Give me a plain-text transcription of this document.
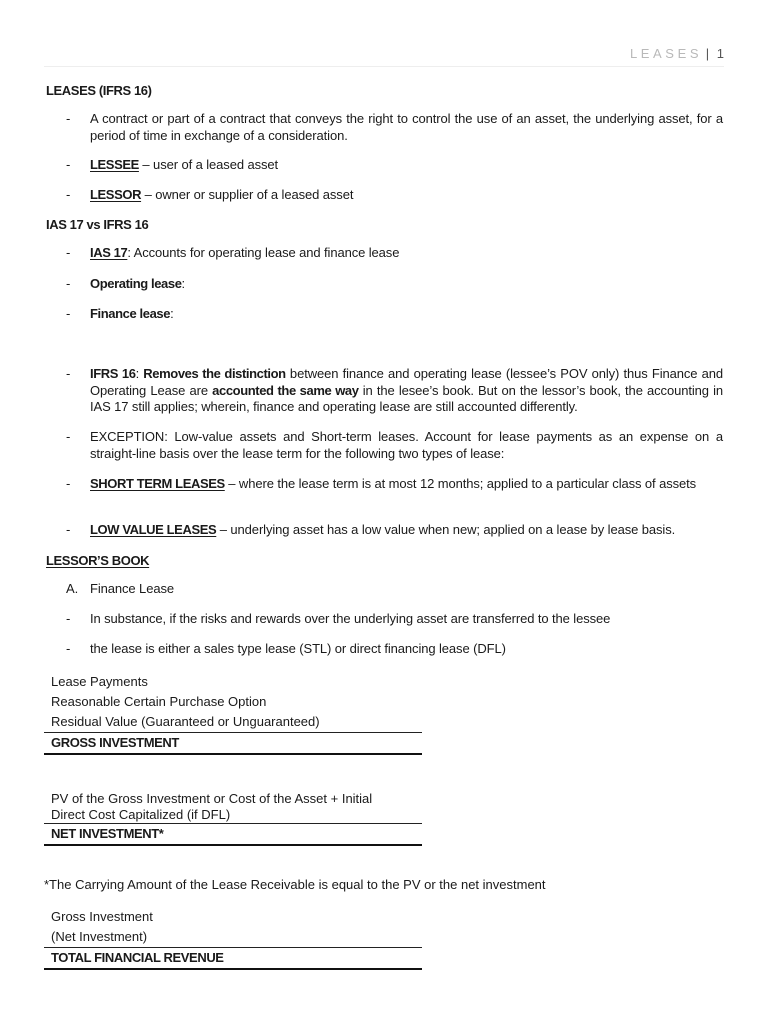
LEASES | 1
LEASES (IFRS 16)
-	A contract or part of a contract that conveys the right to control the use of an asset, the underlying asset, for a period of time in exchange of a consideration.
-	LESSEE – user of a leased asset
-	LESSOR – owner or supplier of a leased asset
IAS 17 vs IFRS 16
-	IAS 17: Accounts for operating lease and finance lease
-	Operating lease:
-	Finance lease:
-	IFRS 16: Removes the distinction between finance and operating lease (lessee’s POV only) thus Finance and Operating Lease are accounted the same way in the lesee’s book. But on the lessor’s book, the accounting in IAS 17 still applies; wherein, finance and operating lease are still accounted differently.
-	EXCEPTION: Low-value assets and Short-term leases. Account for lease payments as an expense on a straight-line basis over the lease term for the following two types of lease:
-	SHORT TERM LEASES – where the lease term is at most 12 months; applied to a particular class of assets
-	LOW VALUE LEASES – underlying asset has a low value when new; applied on a lease by lease basis.
LESSOR’S BOOK
A. Finance Lease
-	In substance, if the risks and rewards over the underlying asset are transferred to the lessee
-	the lease is either a sales type lease (STL) or direct financing lease (DFL)
Lease Payments
Reasonable Certain Purchase Option
Residual Value (Guaranteed or Unguaranteed)
GROSS INVESTMENT
PV of the Gross Investment or Cost of the Asset + Initial
Direct Cost Capitalized (if DFL)
NET INVESTMENT*
*The Carrying Amount of the Lease Receivable is equal to the PV or the net investment
Gross Investment
(Net Investment)
TOTAL FINANCIAL REVENUE
